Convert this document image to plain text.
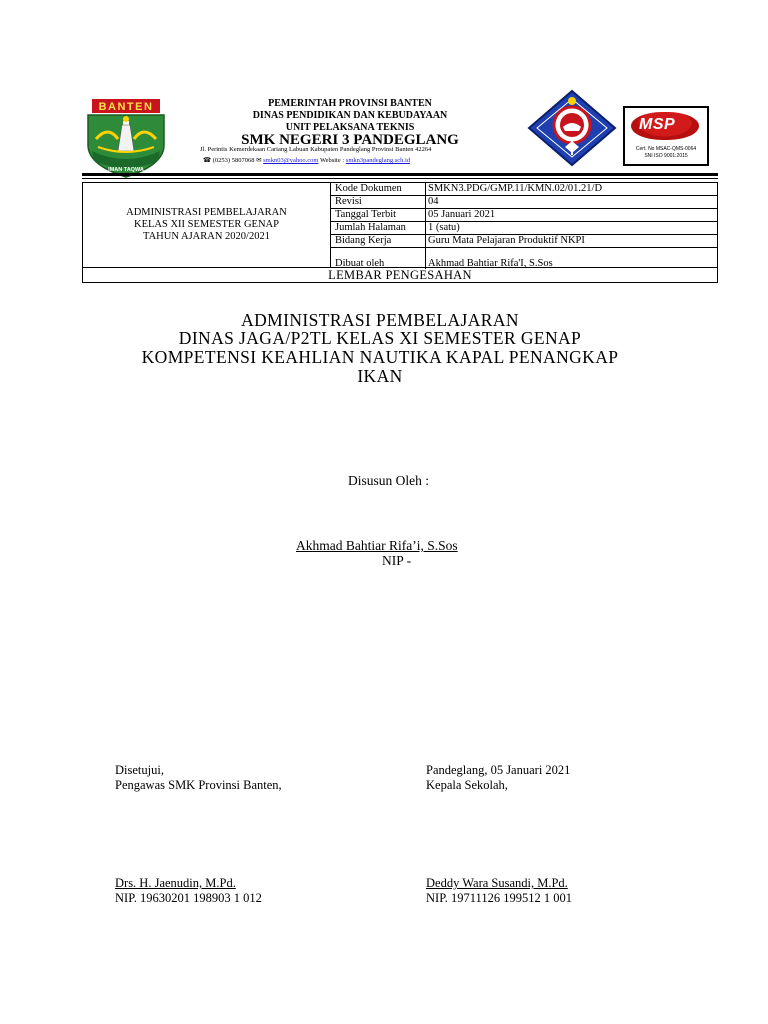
BANTEN
IMAN TAQWA
PEMERINTAH PROVINSI BANTEN
DINAS PENDIDIKAN DAN KEBUDAYAAN
UNIT PELAKSANA TEKNIS
SMK NEGERI 3 PANDEGLANG
Jl. Perintis Kemerdekaan Cariang Labuan Kabupaten Pandeglang Provinsi Banten 42264
☎ (0253) 5807068 ✉ smkn03@yahoo.com Website : smkn3pandeglang.sch.id
MSP
Cert. No MSAC-QMS-0064
SNI ISO 9001:2015
ADMINISTRASI PEMBELAJARAN
KELAS XII SEMESTER GENAP
TAHUN AJARAN 2020/2021
Kode Dokumen	SMKN3.PDG/GMP.11/KMN.02/01.21/D
Revisi	04
Tanggal Terbit	05 Januari 2021
Jumlah Halaman	1 (satu)
Bidang Kerja	Guru Mata Pelajaran Produktif NKPI
Dibuat oleh	Akhmad Bahtiar Rifa'I, S.Sos
LEMBAR PENGESAHAN
ADMINISTRASI PEMBELAJARAN
DINAS JAGA/P2TL KELAS XI SEMESTER GENAP
KOMPETENSI KEAHLIAN NAUTIKA KAPAL PENANGKAP
IKAN
Disusun Oleh :
Akhmad Bahtiar Rifa’i, S.Sos
NIP -
Disetujui,
Pengawas SMK Provinsi Banten,
Drs. H. Jaenudin, M.Pd.
NIP. 19630201 198903 1 012
Pandeglang, 05 Januari 2021
Kepala Sekolah,
Deddy Wara Susandi, M.Pd.
NIP. 19711126 199512 1 001
